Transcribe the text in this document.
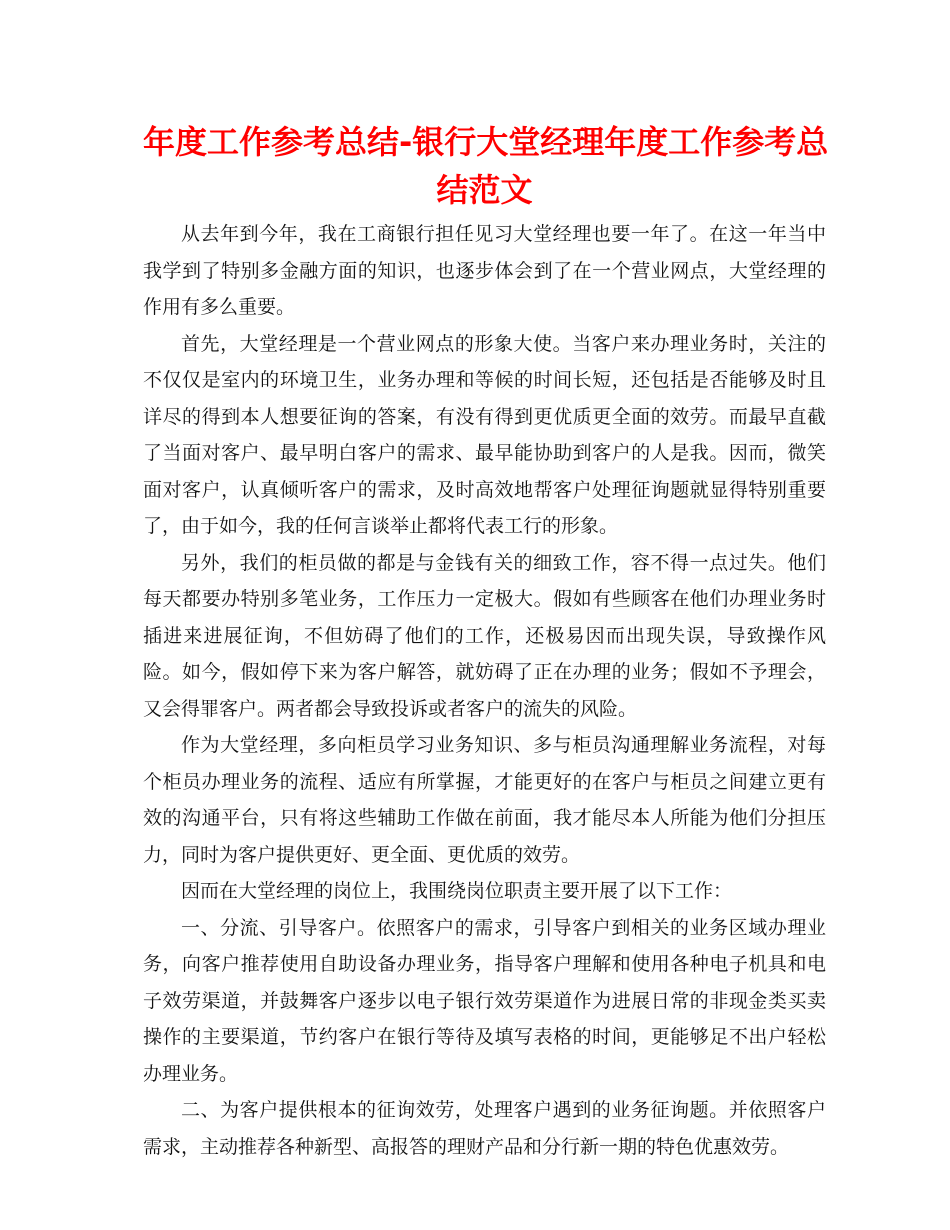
年度工作参考总结-银行大堂经理年度工作参考总
结范文

从去年到今年，我在工商银行担任见习大堂经理也要一年了。在这一年当中我学到了特别多金融方面的知识，也逐步体会到了在一个营业网点，大堂经理的作用有多么重要。

首先，大堂经理是一个营业网点的形象大使。当客户来办理业务时，关注的不仅仅是室内的环境卫生，业务办理和等候的时间长短，还包括是否能够及时且详尽的得到本人想要征询的答案，有没有得到更优质更全面的效劳。而最早直截了当面对客户、最早明白客户的需求、最早能协助到客户的人是我。因而，微笑面对客户，认真倾听客户的需求，及时高效地帮客户处理征询题就显得特别重要了，由于如今，我的任何言谈举止都将代表工行的形象。

另外，我们的柜员做的都是与金钱有关的细致工作，容不得一点过失。他们每天都要办特别多笔业务，工作压力一定极大。假如有些顾客在他们办理业务时插进来进展征询，不但妨碍了他们的工作，还极易因而出现失误，导致操作风险。如今，假如停下来为客户解答，就妨碍了正在办理的业务；假如不予理会，又会得罪客户。两者都会导致投诉或者客户的流失的风险。

作为大堂经理，多向柜员学习业务知识、多与柜员沟通理解业务流程，对每个柜员办理业务的流程、适应有所掌握，才能更好的在客户与柜员之间建立更有效的沟通平台，只有将这些辅助工作做在前面，我才能尽本人所能为他们分担压力，同时为客户提供更好、更全面、更优质的效劳。

因而在大堂经理的岗位上，我围绕岗位职责主要开展了以下工作：

一、分流、引导客户。依照客户的需求，引导客户到相关的业务区域办理业务，向客户推荐使用自助设备办理业务，指导客户理解和使用各种电子机具和电子效劳渠道，并鼓舞客户逐步以电子银行效劳渠道作为进展日常的非现金类买卖操作的主要渠道，节约客户在银行等待及填写表格的时间，更能够足不出户轻松办理业务。

二、为客户提供根本的征询效劳，处理客户遇到的业务征询题。并依照客户需求，主动推荐各种新型、高报答的理财产品和分行新一期的特色优惠效劳。
